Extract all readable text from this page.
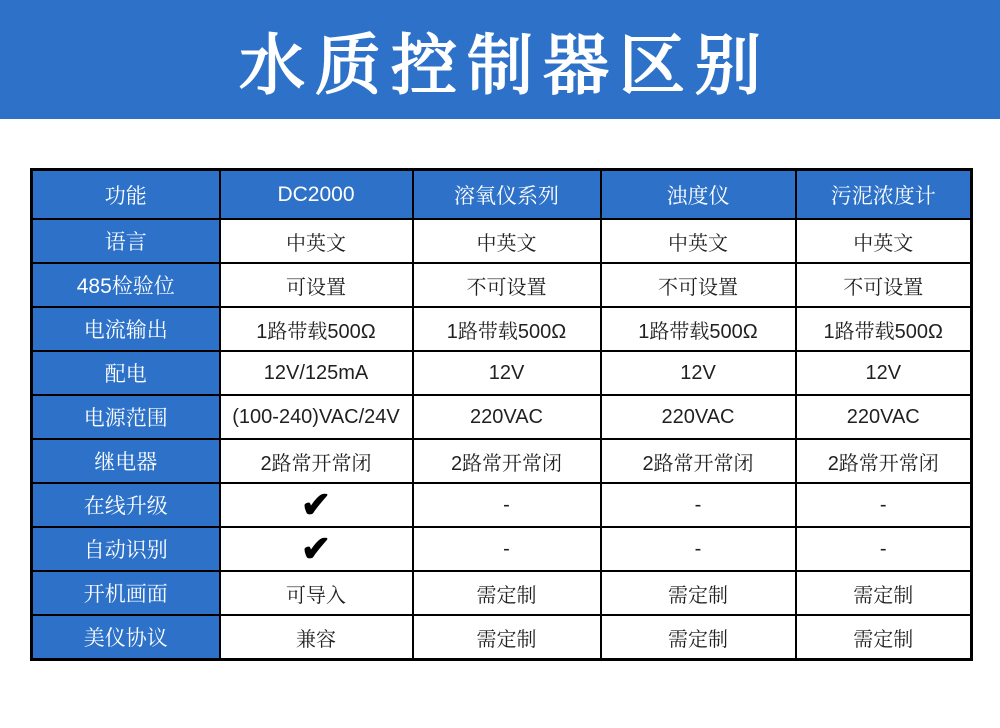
水质控制器区别
功能	DC2000	溶氧仪系列	浊度仪	污泥浓度计
语言	中英文	中英文	中英文	中英文
485检验位	可设置	不可设置	不可设置	不可设置
电流输出	1路带载500Ω	1路带载500Ω	1路带载500Ω	1路带载500Ω
配电	12V/125mA	12V	12V	12V
电源范围	(100-240)VAC/24V	220VAC	220VAC	220VAC
继电器	2路常开常闭	2路常开常闭	2路常开常闭	2路常开常闭
在线升级	✔	-	-	-
自动识别	✔	-	-	-
开机画面	可导入	需定制	需定制	需定制
美仪协议	兼容	需定制	需定制	需定制
